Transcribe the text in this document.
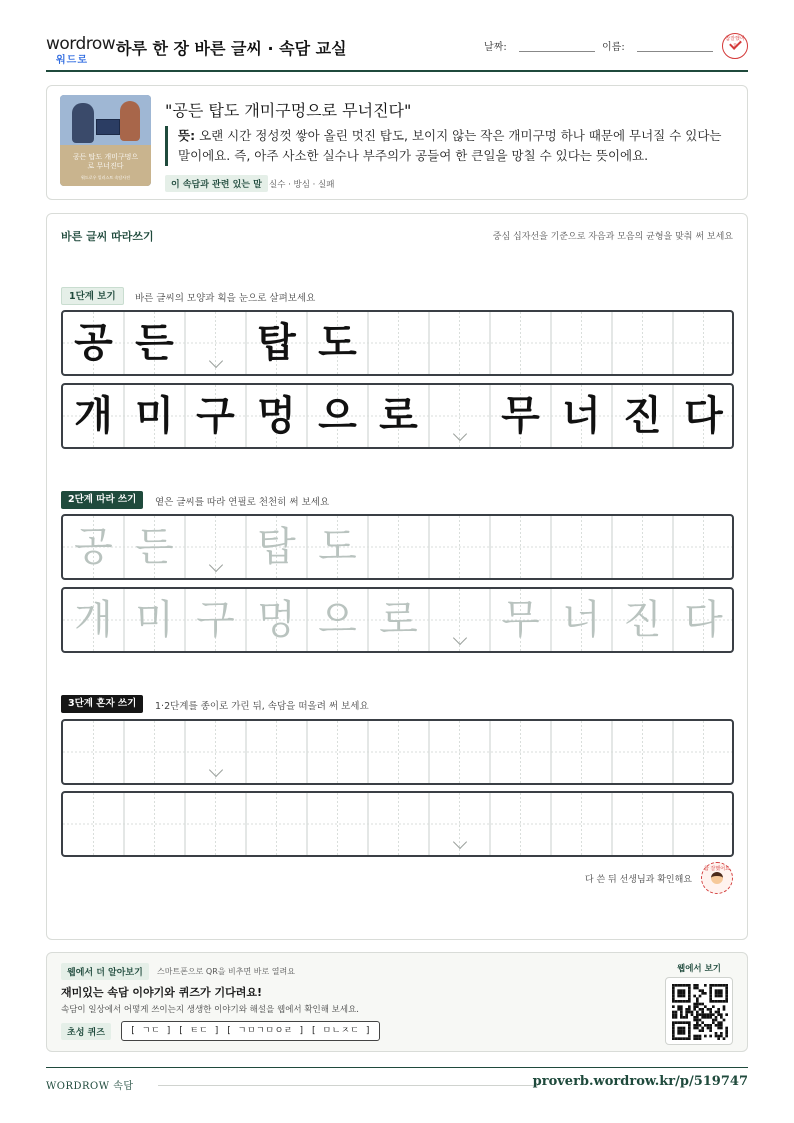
wordrow
워드로
하루 한 장 바른 글씨 · 속담 교실	날짜:	이름:
참잘했어요
공든 탑도 개미구멍으로 무너진다
워드로우 일러스트 속담사전
"공든 탑도 개미구멍으로 무너진다"
뜻: 오랜 시간 정성껏 쌓아 올린 멋진 탑도, 보이지 않는 작은 개미구멍 하나 때문에 무너질 수 있다는 말이에요. 즉, 아주 사소한 실수나 부주의가 공들여 한 큰일을 망칠 수 있다는 뜻이에요.
이 속담과 관련 있는 말 실수 · 방심 · 실패
바른 글씨 따라쓰기	중심 십자선을 기준으로 자음과 모음의 균형을 맞춰 써 보세요
1단계 보기	바른 글씨의 모양과 획을 눈으로 살펴보세요
공 든 탑 도
개 미 구 멍 으 로 무 너 진 다
2단계 따라 쓰기	옅은 글씨를 따라 연필로 천천히 써 보세요
공 든 탑 도
개 미 구 멍 으 로 무 너 진 다
3단계 혼자 쓰기	1·2단계를 종이로 가린 뒤, 속담을 떠올려 써 보세요
다 쓴 뒤 선생님과 확인해요
참 잘했어요
웹에서 더 알아보기	스마트폰으로 QR을 비추면 바로 열려요
재미있는 속담 이야기와 퀴즈가 기다려요!
속담이 일상에서 어떻게 쓰이는지 생생한 이야기와 해설을 웹에서 확인해 보세요.
초성 퀴즈	[ ㄱㄷ ] [ ㅌㄷ ] [ ㄱㅁㄱㅁㅇㄹ ] [ ㅁㄴㅈㄷ ]
웹에서 보기
WORDROW 속담	proverb.wordrow.kr/p/519747
